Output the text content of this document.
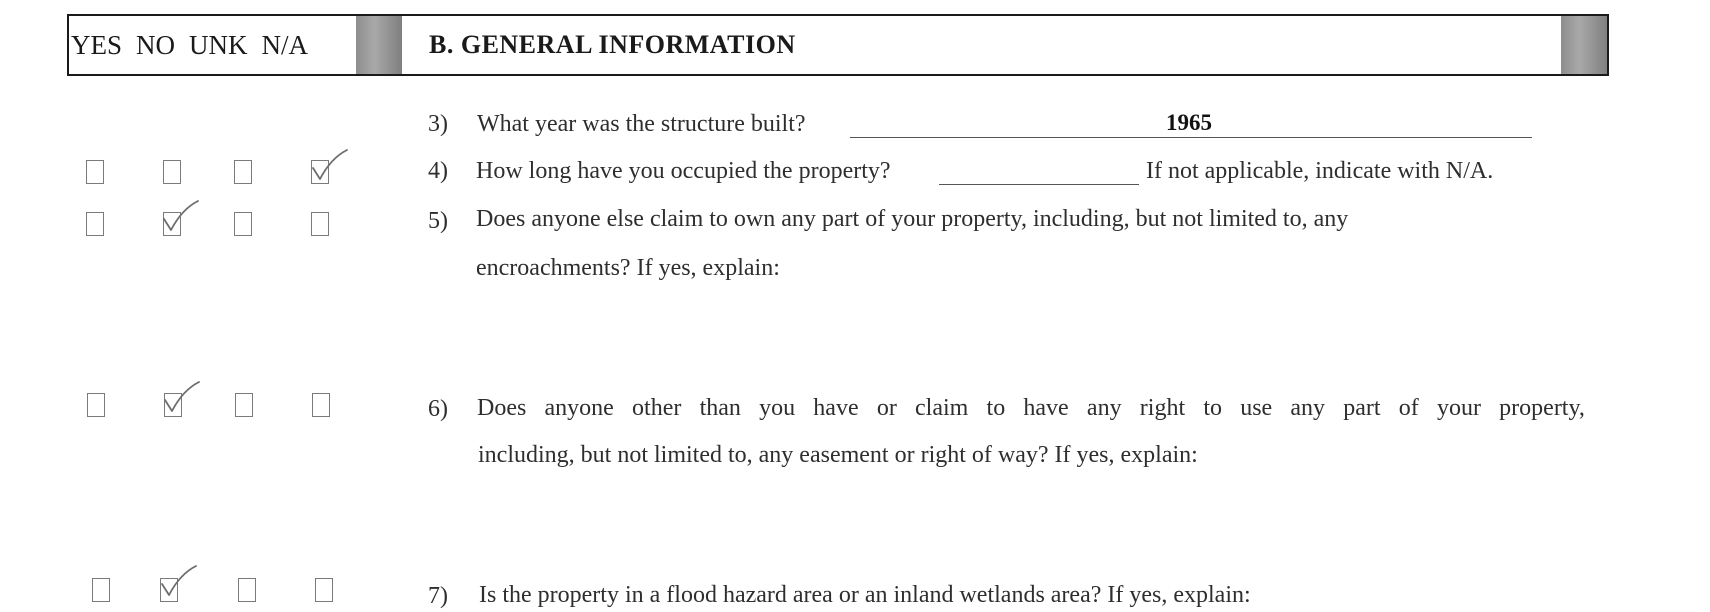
YES NO UNK N/A	B. GENERAL INFORMATION
3) What year was the structure built?	1965
4) How long have you occupied the property?	If not applicable, indicate with N/A.
5) Does anyone else claim to own any part of your property, including, but not limited to, any
encroachments? If yes, explain:
6) Does anyone other than you have or claim to have any right to use any part of your property,
including, but not limited to, any easement or right of way? If yes, explain:
7) Is the property in a flood hazard area or an inland wetlands area? If yes, explain:
